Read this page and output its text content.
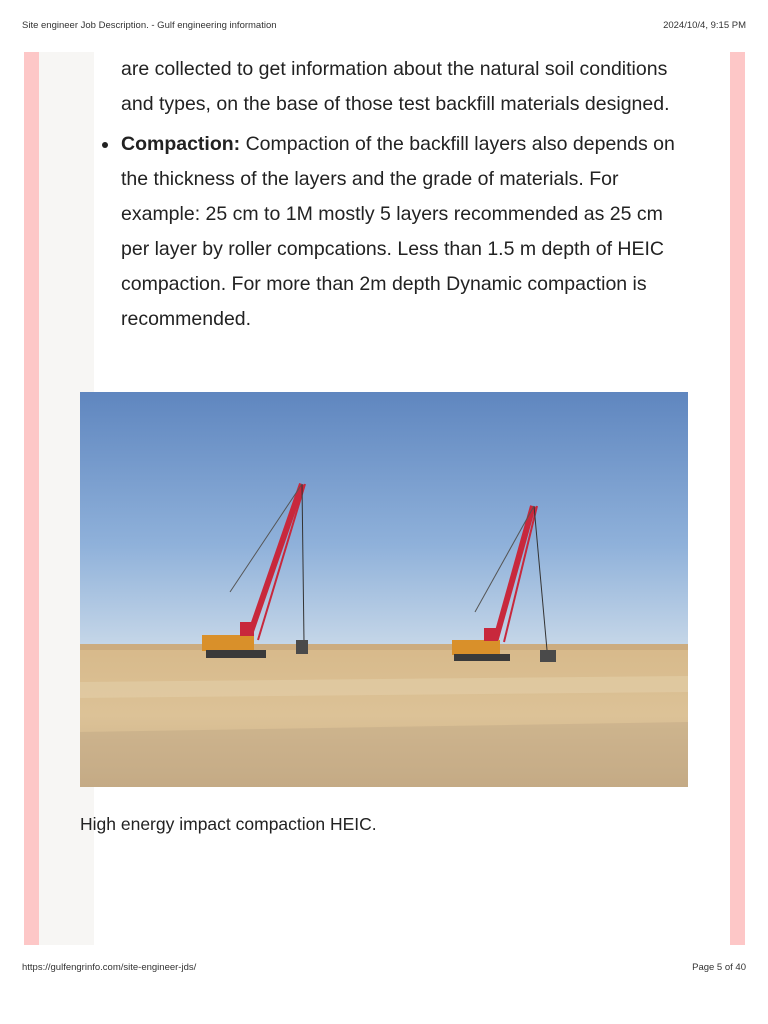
Site engineer Job Description. - Gulf engineering information	2024/10/4, 9:15 PM

are collected to get information about the natural soil conditions and types, on the base of those test backfill materials designed.

Compaction: Compaction of the backfill layers also depends on the thickness of the layers and the grade of materials. For example: 25 cm to 1M mostly 5 layers recommended as 25 cm per layer by roller compcations. Less than 1.5 m depth of HEIC compaction. For more than 2m depth Dynamic compaction is recommended.
High energy impact compaction HEIC.
https://gulfengrinfo.com/site-engineer-jds/	Page 5 of 40
